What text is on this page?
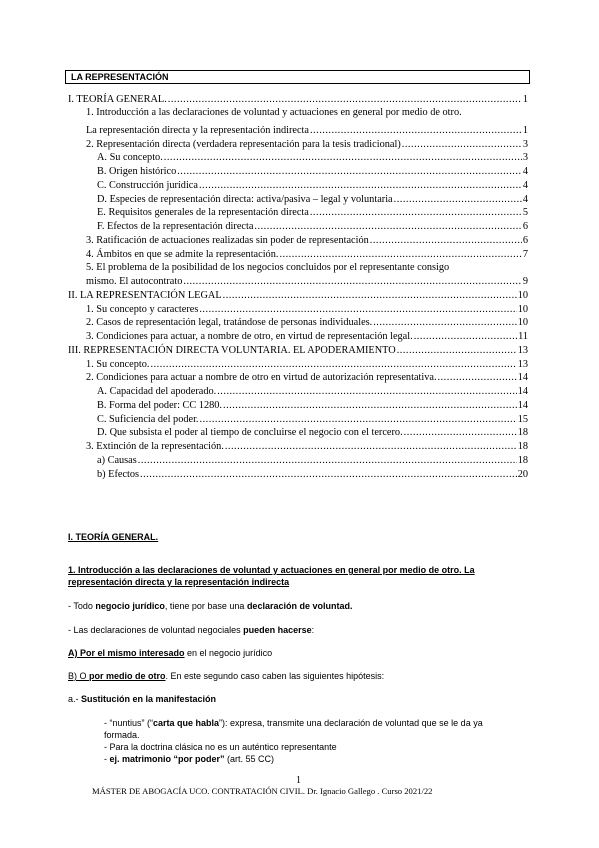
LA REPRESENTACIÓN
I. TEORÍA GENERAL. .....	1
1. Introducción a las declaraciones de voluntad y actuaciones en general por medio de otro.
La representación directa y la representación indirecta .....	1
2. Representación directa (verdadera representación para la tesis tradicional) .....	3
A. Su concepto. .....	3
B. Origen histórico .....	4
C. Construcción jurídica .....	4
D. Especies de representación directa: activa/pasiva – legal y voluntaria .....	4
E. Requisitos generales de la representación directa .....	5
F. Efectos de la representación directa .....	6
3. Ratificación de actuaciones realizadas sin poder de representación .....	6
4. Ámbitos en que se admite la representación. .....	7
5. El problema de la posibilidad de los negocios concluidos por el representante consigo
mismo. El autocontrato .....	9
II. LA REPRESENTACIÓN LEGAL .....	10
1. Su concepto y caracteres .....	10
2. Casos de representación legal, tratándose de personas individuales. .....	10
3. Condiciones para actuar, a nombre de otro, en virtud de representación legal. .....	11
III. REPRESENTACIÓN DIRECTA VOLUNTARIA. EL APODERAMIENTO .....	13
1. Su concepto. .....	13
2. Condiciones para actuar a nombre de otro en virtud de autorización representativa. .....	14
A. Capacidad del apoderado. .....	14
B. Forma del poder: CC 1280. .....	14
C. Suficiencia del poder. .....	15
D. Que subsista el poder al tiempo de concluirse el negocio con el tercero. .....	18
3. Extinción de la representación. .....	18
a) Causas .....	18
b) Efectos .....	20
I. TEORÍA GENERAL.
1. Introducción a las declaraciones de voluntad y actuaciones en general por medio de otro. La
representación directa y la representación indirecta
- Todo negocio jurídico, tiene por base una declaración de voluntad.
- Las declaraciones de voluntad negociales pueden hacerse:
A) Por el mismo interesado en el negocio jurídico
B) O por medio de otro. En este segundo caso caben las siguientes hipótesis:
a.- Sustitución en la manifestación
- “nuntius” (“carta que habla”): expresa, transmite una declaración de voluntad que se le da ya
formada.
- Para la doctrina clásica no es un auténtico representante
- ej. matrimonio “por poder” (art. 55 CC)
1
MÁSTER DE ABOGACÍA UCO. CONTRATACIÓN CIVIL. Dr. Ignacio Gallego . Curso 2021/22
